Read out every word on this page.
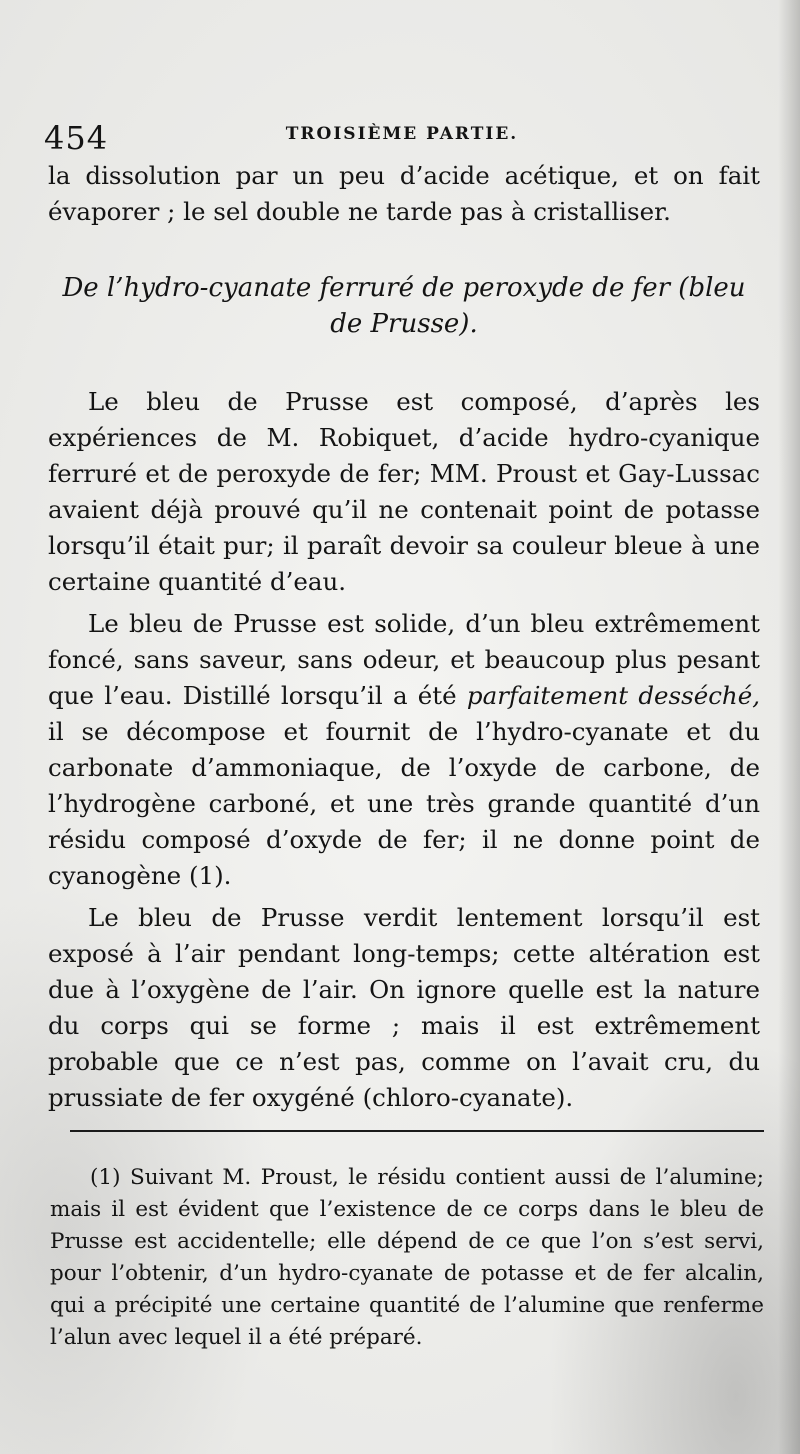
454	TROISIÈME PARTIE.

la dissolution par un peu d’acide acétique, et on fait évaporer ; le sel double ne tarde pas à cristalliser.

De l’hydro-cyanate ferruré de peroxyde de fer (bleu de Prusse).

Le bleu de Prusse est composé, d’après les expériences de M. Robiquet, d’acide hydro-cyanique ferruré et de peroxyde de fer; MM. Proust et Gay-Lussac avaient déjà prouvé qu’il ne contenait point de potasse lorsqu’il était pur; il paraît devoir sa couleur bleue à une certaine quantité d’eau.

Le bleu de Prusse est solide, d’un bleu extrêmement foncé, sans saveur, sans odeur, et beaucoup plus pesant que l’eau. Distillé lorsqu’il a été parfaitement desséché, il se décompose et fournit de l’hydro-cyanate et du carbonate d’ammoniaque, de l’oxyde de carbone, de l’hydrogène carboné, et une très grande quantité d’un résidu composé d’oxyde de fer; il ne donne point de cyanogène (1).

Le bleu de Prusse verdit lentement lorsqu’il est exposé à l’air pendant long-temps; cette altération est due à l’oxygène de l’air. On ignore quelle est la nature du corps qui se forme ; mais il est extrêmement probable que ce n’est pas, comme on l’avait cru, du prussiate de fer oxygéné (chloro-cyanate).

(1) Suivant M. Proust, le résidu contient aussi de l’alumine; mais il est évident que l’existence de ce corps dans le bleu de Prusse est accidentelle; elle dépend de ce que l’on s’est servi, pour l’obtenir, d’un hydro-cyanate de potasse et de fer alcalin, qui a précipité une certaine quantité de l’alumine que renferme l’alun avec lequel il a été préparé.
